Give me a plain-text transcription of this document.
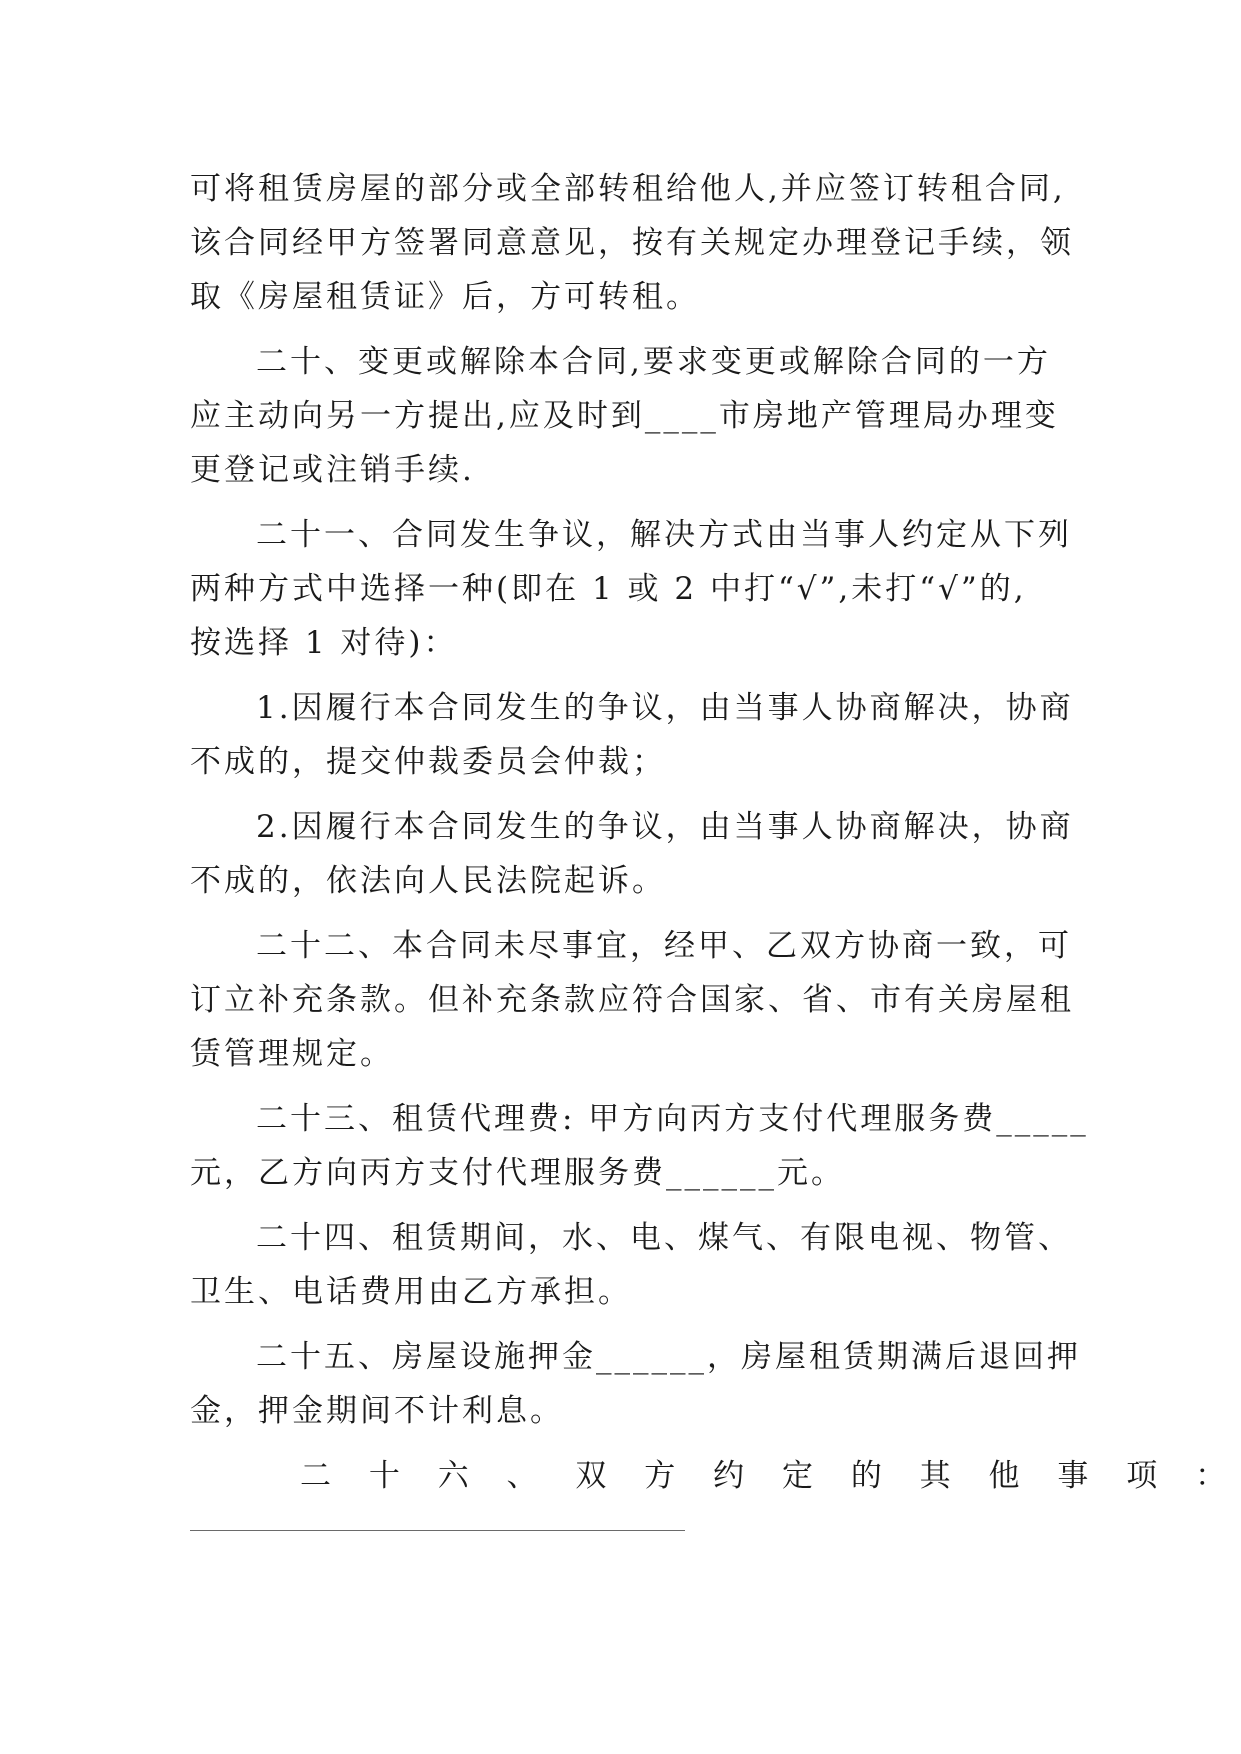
可将租赁房屋的部分或全部转租给他人,并应签订转租合同,
该合同经甲方签署同意意见，按有关规定办理登记手续，领
取《房屋租赁证》后，方可转租。
二十、变更或解除本合同,要求变更或解除合同的一方
应主动向另一方提出,应及时到____市房地产管理局办理变
更登记或注销手续.
二十一、合同发生争议，解决方式由当事人约定从下列
两种方式中选择一种(即在 1 或 2 中打“√”,未打“√”的,
按选择 1 对待)：
1.因履行本合同发生的争议，由当事人协商解决，协商
不成的，提交仲裁委员会仲裁；
2.因履行本合同发生的争议，由当事人协商解决，协商
不成的，依法向人民法院起诉。
二十二、本合同未尽事宜，经甲、乙双方协商一致，可
订立补充条款。但补充条款应符合国家、省、市有关房屋租
赁管理规定。
二十三、租赁代理费: 甲方向丙方支付代理服务费_____
元，乙方向丙方支付代理服务费______元。
二十四、租赁期间，水、电、煤气、有限电视、物管、
卫生、电话费用由乙方承担。
二十五、房屋设施押金______，房屋租赁期满后退回押
金，押金期间不计利息。
二 十 六 、 双 方 约 定 的 其 他 事 项 ：
